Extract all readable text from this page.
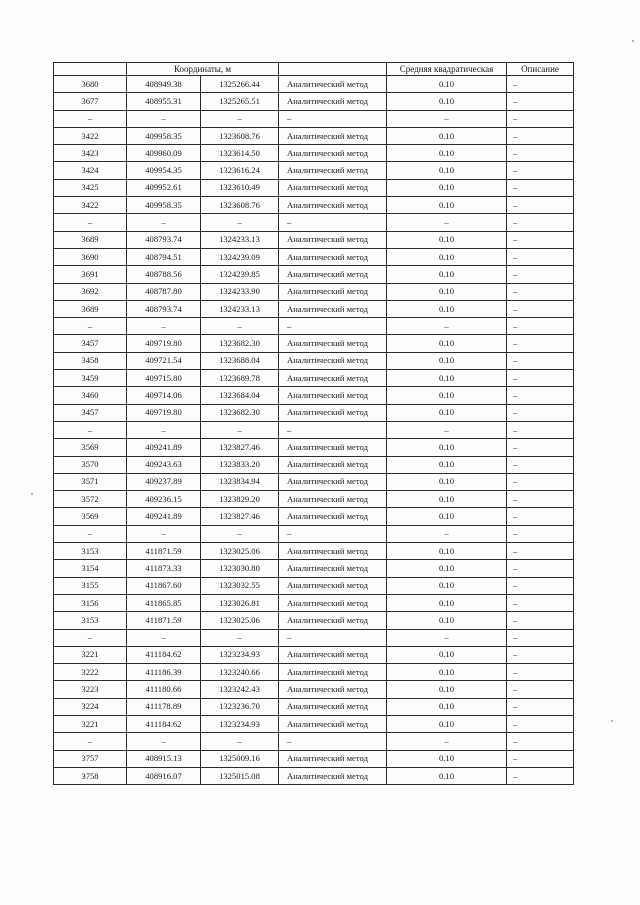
	Координаты, м			Средняя квадратическая	Описание
3680	408949.38	1325266.44	Аналитический метод	0.10	–
3677	408955.31	1325265.51	Аналитический метод	0.10	–
–	–	–	–	–	–
3422	409958.35	1323608.76	Аналитический метод	0.10	–
3423	409960.09	1323614.50	Аналитический метод	0.10	–
3424	409954.35	1323616.24	Аналитический метод	0.10	–
3425	409952.61	1323610.49	Аналитический метод	0.10	–
3422	409958.35	1323608.76	Аналитический метод	0.10	–
–	–	–	–	–	–
3689	408793.74	1324233.13	Аналитический метод	0.10	–
3690	408794.51	1324239.09	Аналитический метод	0.10	–
3691	408788.56	1324239.85	Аналитический метод	0.10	–
3692	408787.80	1324233.90	Аналитический метод	0.10	–
3689	408793.74	1324233.13	Аналитический метод	0.10	–
–	–	–	–	–	–
3457	409719.80	1323682.30	Аналитический метод	0.10	–
3458	409721.54	1323688.04	Аналитический метод	0.10	–
3459	409715.80	1323689.78	Аналитический метод	0.10	–
3460	409714.06	1323684.04	Аналитический метод	0.10	–
3457	409719.80	1323682.30	Аналитический метод	0.10	–
–	–	–	–	–	–
3569	409241.89	1323827.46	Аналитический метод	0.10	–
3570	409243.63	1323833.20	Аналитический метод	0.10	–
3571	409237.89	1323834.94	Аналитический метод	0.10	–
3572	409236.15	1323829.20	Аналитический метод	0.10	–
3569	409241.89	1323827.46	Аналитический метод	0.10	–
–	–	–	–	–	–
3153	411871.59	1323025.06	Аналитический метод	0.10	–
3154	411873.33	1323030.80	Аналитический метод	0.10	–
3155	411867.60	1323032.55	Аналитический метод	0.10	–
3156	411865.85	1323026.81	Аналитический метод	0.10	–
3153	411871.59	1323025.06	Аналитический метод	0.10	–
–	–	–	–	–	–
3221	411184.62	1323234.93	Аналитический метод	0.10	–
3222	411186.39	1323240.66	Аналитический метод	0.10	–
3223	411180.66	1323242.43	Аналитический метод	0.10	–
3224	411178.89	1323236.70	Аналитический метод	0.10	–
3221	411184.62	1323234.93	Аналитический метод	0.10	–
–	–	–	–	–	–
3757	408915.13	1325009.16	Аналитический метод	0.10	–
3758	408916.07	1325015.08	Аналитический метод	0.10	–
